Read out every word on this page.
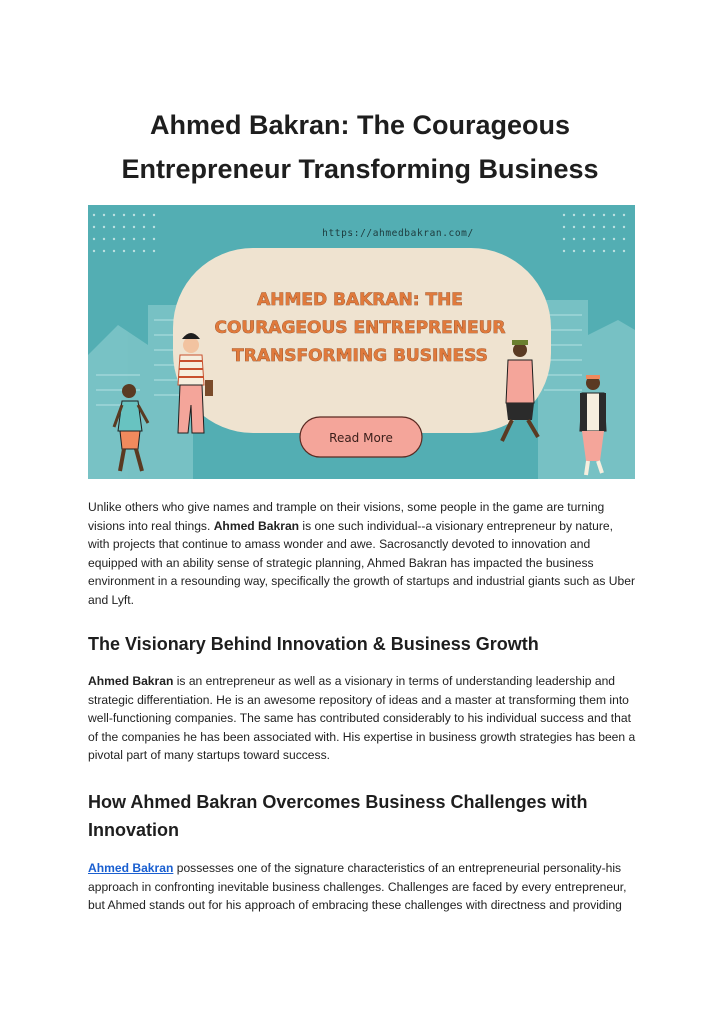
Ahmed Bakran: The Courageous
Entrepreneur Transforming Business
https://ahmedbakran.com/
AHMED BAKRAN: THE
COURAGEOUS ENTREPRENEUR
TRANSFORMING BUSINESS
Read More

Unlike others who give names and trample on their visions, some people in the game are turning visions into real things. Ahmed Bakran is one such individual--a visionary entrepreneur by nature, with projects that continue to amass wonder and awe. Sacrosanctly devoted to innovation and equipped with an ability sense of strategic planning, Ahmed Bakran has impacted the business environment in a resounding way, specifically the growth of startups and industrial giants such as Uber and Lyft.

The Visionary Behind Innovation & Business Growth

Ahmed Bakran is an entrepreneur as well as a visionary in terms of understanding leadership and strategic differentiation. He is an awesome repository of ideas and a master at transforming them into well-functioning companies. The same has contributed considerably to his individual success and that of the companies he has been associated with. His expertise in business growth strategies has been a pivotal part of many startups toward success.

How Ahmed Bakran Overcomes Business Challenges with Innovation

Ahmed Bakran possesses one of the signature characteristics of an entrepreneurial personality-his approach in confronting inevitable business challenges. Challenges are faced by every entrepreneur, but Ahmed stands out for his approach of embracing these challenges with directness and providing
